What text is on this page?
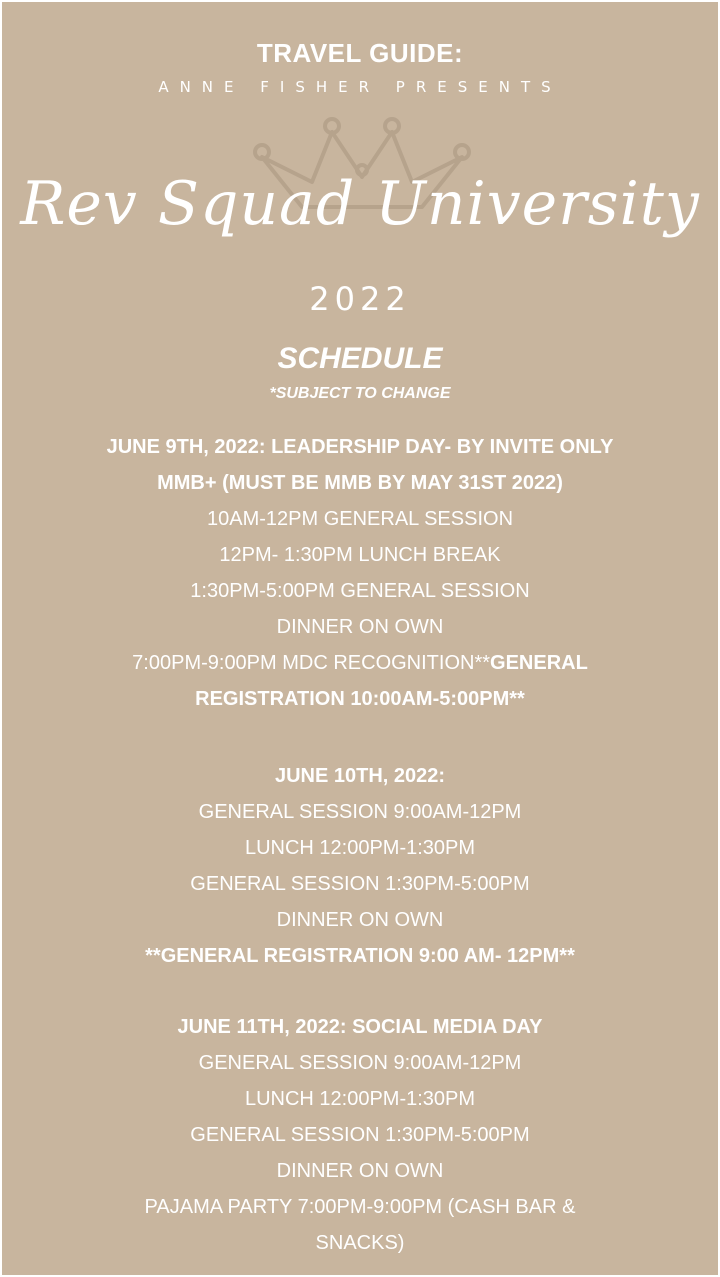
TRAVEL GUIDE:
ANNE FISHER PRESENTS
Rev Squad University
2022
SCHEDULE
*SUBJECT TO CHANGE
JUNE 9TH, 2022: LEADERSHIP DAY- BY INVITE ONLY
MMB+ (MUST BE MMB BY MAY 31ST 2022)
10AM-12PM GENERAL SESSION
12PM- 1:30PM LUNCH BREAK
1:30PM-5:00PM GENERAL SESSION
DINNER ON OWN
7:00PM-9:00PM MDC RECOGNITION**GENERAL
REGISTRATION 10:00AM-5:00PM**
JUNE 10TH, 2022:
GENERAL SESSION 9:00AM-12PM
LUNCH 12:00PM-1:30PM
GENERAL SESSION 1:30PM-5:00PM
DINNER ON OWN
**GENERAL REGISTRATION 9:00 AM- 12PM**
JUNE 11TH, 2022: SOCIAL MEDIA DAY
GENERAL SESSION 9:00AM-12PM
LUNCH 12:00PM-1:30PM
GENERAL SESSION 1:30PM-5:00PM
DINNER ON OWN
PAJAMA PARTY 7:00PM-9:00PM (CASH BAR &
SNACKS)
